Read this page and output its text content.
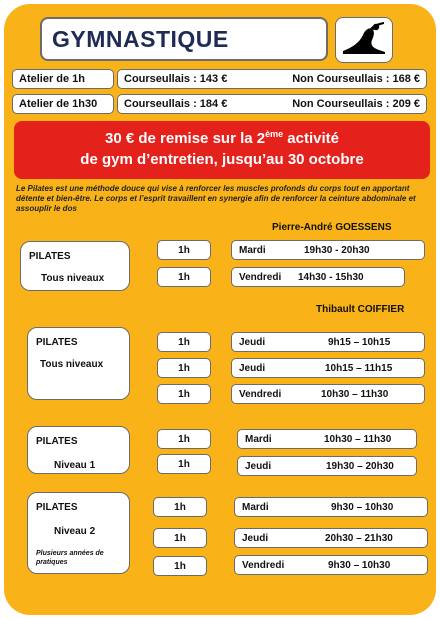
GYMNASTIQUE
Atelier de 1h	Courseullais : 143 €	Non Courseullais : 168 €
Atelier de 1h30	Courseullais : 184 €	Non Courseullais : 209 €
30 € de remise sur la 2ème activité
de gym d’entretien, jusqu’au 30 octobre
Le Pilates est une méthode douce qui vise à renforcer les muscles profonds du corps tout en apportant détente et bien-être. Le corps et l’esprit travaillent en synergie afin de renforcer la ceinture abdominale et assouplir le dos
Pierre-André GOESSENS
Thibault COIFFIER
PILATES
Tous niveaux
1h	Mardi	19h30 - 20h30
1h	Vendredi 14h30 - 15h30
PILATES
Tous niveaux
1h	Jeudi	9h15 – 10h15
1h	Jeudi	10h15 – 11h15
1h	Vendredi	10h30 – 11h30
PILATES
Niveau 1
1h	Mardi	10h30 – 11h30
1h	Jeudi	19h30 – 20h30
PILATES
Niveau 2
Plusieurs années de pratiques
1h	Mardi	9h30 – 10h30
1h	Jeudi	20h30 – 21h30
1h	Vendredi	9h30 – 10h30
